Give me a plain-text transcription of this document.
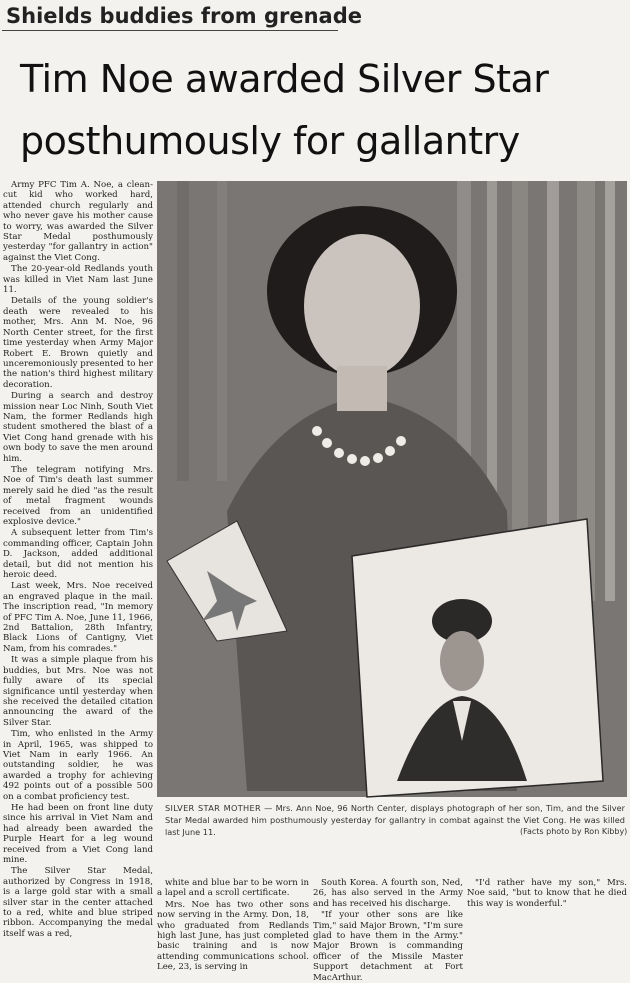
Shields buddies from grenade
Tim Noe awarded Silver Star
posthumously for gallantry

Army PFC Tim A. Noe, a clean-cut kid who worked hard, attended church regularly and who never gave his mother cause to worry, was awarded the Silver Star Medal posthumously yesterday "for gallantry in action" against the Viet Cong.

The 20-year-old Redlands youth was killed in Viet Nam last June 11.

Details of the young soldier's death were revealed to his mother, Mrs. Ann M. Noe, 96 North Center street, for the first time yesterday when Army Major Robert E. Brown quietly and unceremoniously presented to her the nation's third highest military decoration.

During a search and destroy mission near Loc Ninh, South Viet Nam, the former Redlands high student smothered the blast of a Viet Cong hand grenade with his own body to save the men around him.

The telegram notifying Mrs. Noe of Tim's death last summer merely said he died "as the result of metal fragment wounds received from an unidentified explosive device."

A subsequent letter from Tim's commanding officer, Captain John D. Jackson, added additional detail, but did not mention his heroic deed.

Last week, Mrs. Noe received an engraved plaque in the mail. The inscription read, "In memory of PFC Tim A. Noe, June 11, 1966, 2nd Battalion, 28th Infantry, Black Lions of Cantigny, Viet Nam, from his comrades."

It was a simple plaque from his buddies, but Mrs. Noe was not fully aware of its special significance until yesterday when she received the detailed citation announcing the award of the Silver Star.

Tim, who enlisted in the Army in April, 1965, was shipped to Viet Nam in early 1966. An outstanding soldier, he was awarded a trophy for achieving 492 points out of a possible 500 on a combat proficiency test.

He had been on front line duty since his arrival in Viet Nam and had already been awarded the Purple Heart for a leg wound received from a Viet Cong land mine.

The Silver Star Medal, authorized by Congress in 1918, is a large gold star with a small silver star in the center attached to a red, white and blue striped ribbon. Accompanying the medal itself was a red,

SILVER STAR MOTHER — Mrs. Ann Noe, 96 North Center, displays photograph of her son, Tim, and the Silver Star Medal awarded him posthumously yesterday for gallantry in combat against the Viet Cong. He was killed last June 11.	(Facts photo by Ron Kibby)

white and blue bar to be worn in a lapel and a scroll certificate.

Mrs. Noe has two other sons now serving in the Army. Don, 18, who graduated from Redlands high last June, has just completed basic training and is now attending communications school. Lee, 23, is serving in

South Korea. A fourth son, Ned, 26, has also served in the Army and has received his discharge.

"If your other sons are like Tim," said Major Brown, "I'm sure glad to have them in the Army." Major Brown is commanding officer of the Missile Master Support detachment at Fort MacArthur.

"I'd rather have my son," Mrs. Noe said, "but to know that he died this way is wonderful."
